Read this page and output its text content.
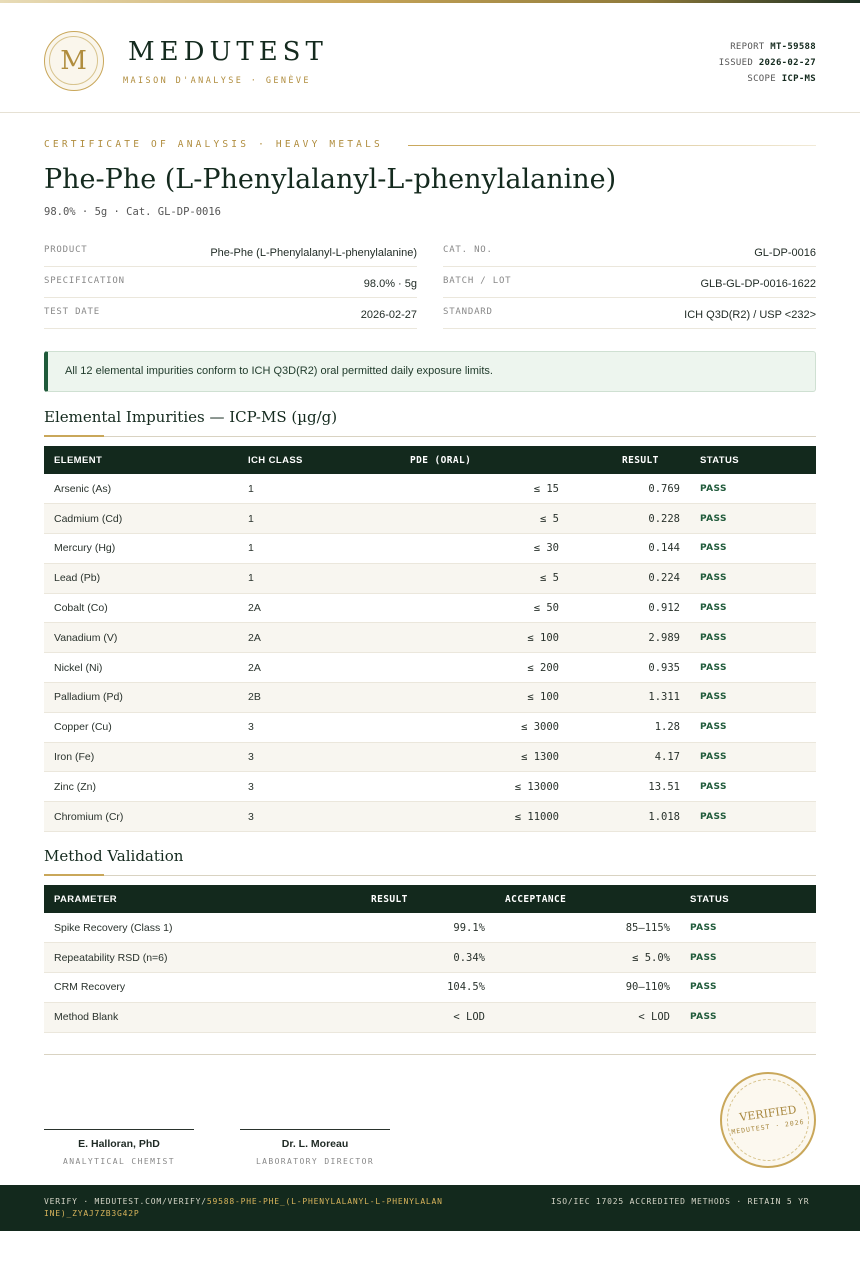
M	MEDUTEST
MAISON D'ANALYSE · GENÈVE
REPORT MT-59588
ISSUED 2026-02-27
SCOPE ICP-MS
CERTIFICATE OF ANALYSIS · HEAVY METALS
Phe-Phe (L-Phenylalanyl-L-phenylalanine)
98.0% · 5g · Cat. GL-DP-0016
PRODUCT	Phe-Phe (L-Phenylalanyl-L-phenylalanine)
SPECIFICATION	98.0% · 5g
TEST DATE	2026-02-27
CAT. NO.	GL-DP-0016
BATCH / LOT	GLB-GL-DP-0016-1622
STANDARD	ICH Q3D(R2) / USP <232>
All 12 elemental impurities conform to ICH Q3D(R2) oral permitted daily exposure limits.
Elemental Impurities — ICP-MS (µg/g)
ELEMENT	ICH CLASS	PDE (ORAL)	RESULT	STATUS
Arsenic (As)	1	≤ 15	0.769	PASS
Cadmium (Cd)	1	≤ 5	0.228	PASS
Mercury (Hg)	1	≤ 30	0.144	PASS
Lead (Pb)	1	≤ 5	0.224	PASS
Cobalt (Co)	2A	≤ 50	0.912	PASS
Vanadium (V)	2A	≤ 100	2.989	PASS
Nickel (Ni)	2A	≤ 200	0.935	PASS
Palladium (Pd)	2B	≤ 100	1.311	PASS
Copper (Cu)	3	≤ 3000	1.28	PASS
Iron (Fe)	3	≤ 1300	4.17	PASS
Zinc (Zn)	3	≤ 13000	13.51	PASS
Chromium (Cr)	3	≤ 11000	1.018	PASS
Method Validation
PARAMETER	RESULT	ACCEPTANCE	STATUS
Spike Recovery (Class 1)	99.1%	85–115%	PASS
Repeatability RSD (n=6)	0.34%	≤ 5.0%	PASS
CRM Recovery	104.5%	90–110%	PASS
Method Blank	< LOD	< LOD	PASS
E. Halloran, PhD
ANALYTICAL CHEMIST
Dr. L. Moreau
LABORATORY DIRECTOR
VERIFIED
MEDUTEST · 2026
VERIFY · MEDUTEST.COM/VERIFY/59588-PHE-PHE_(L-PHENYLALANYL-L-PHENYLALANINE)_ZYAJ7ZB3G42P
ISO/IEC 17025 ACCREDITED METHODS · RETAIN 5 YR
